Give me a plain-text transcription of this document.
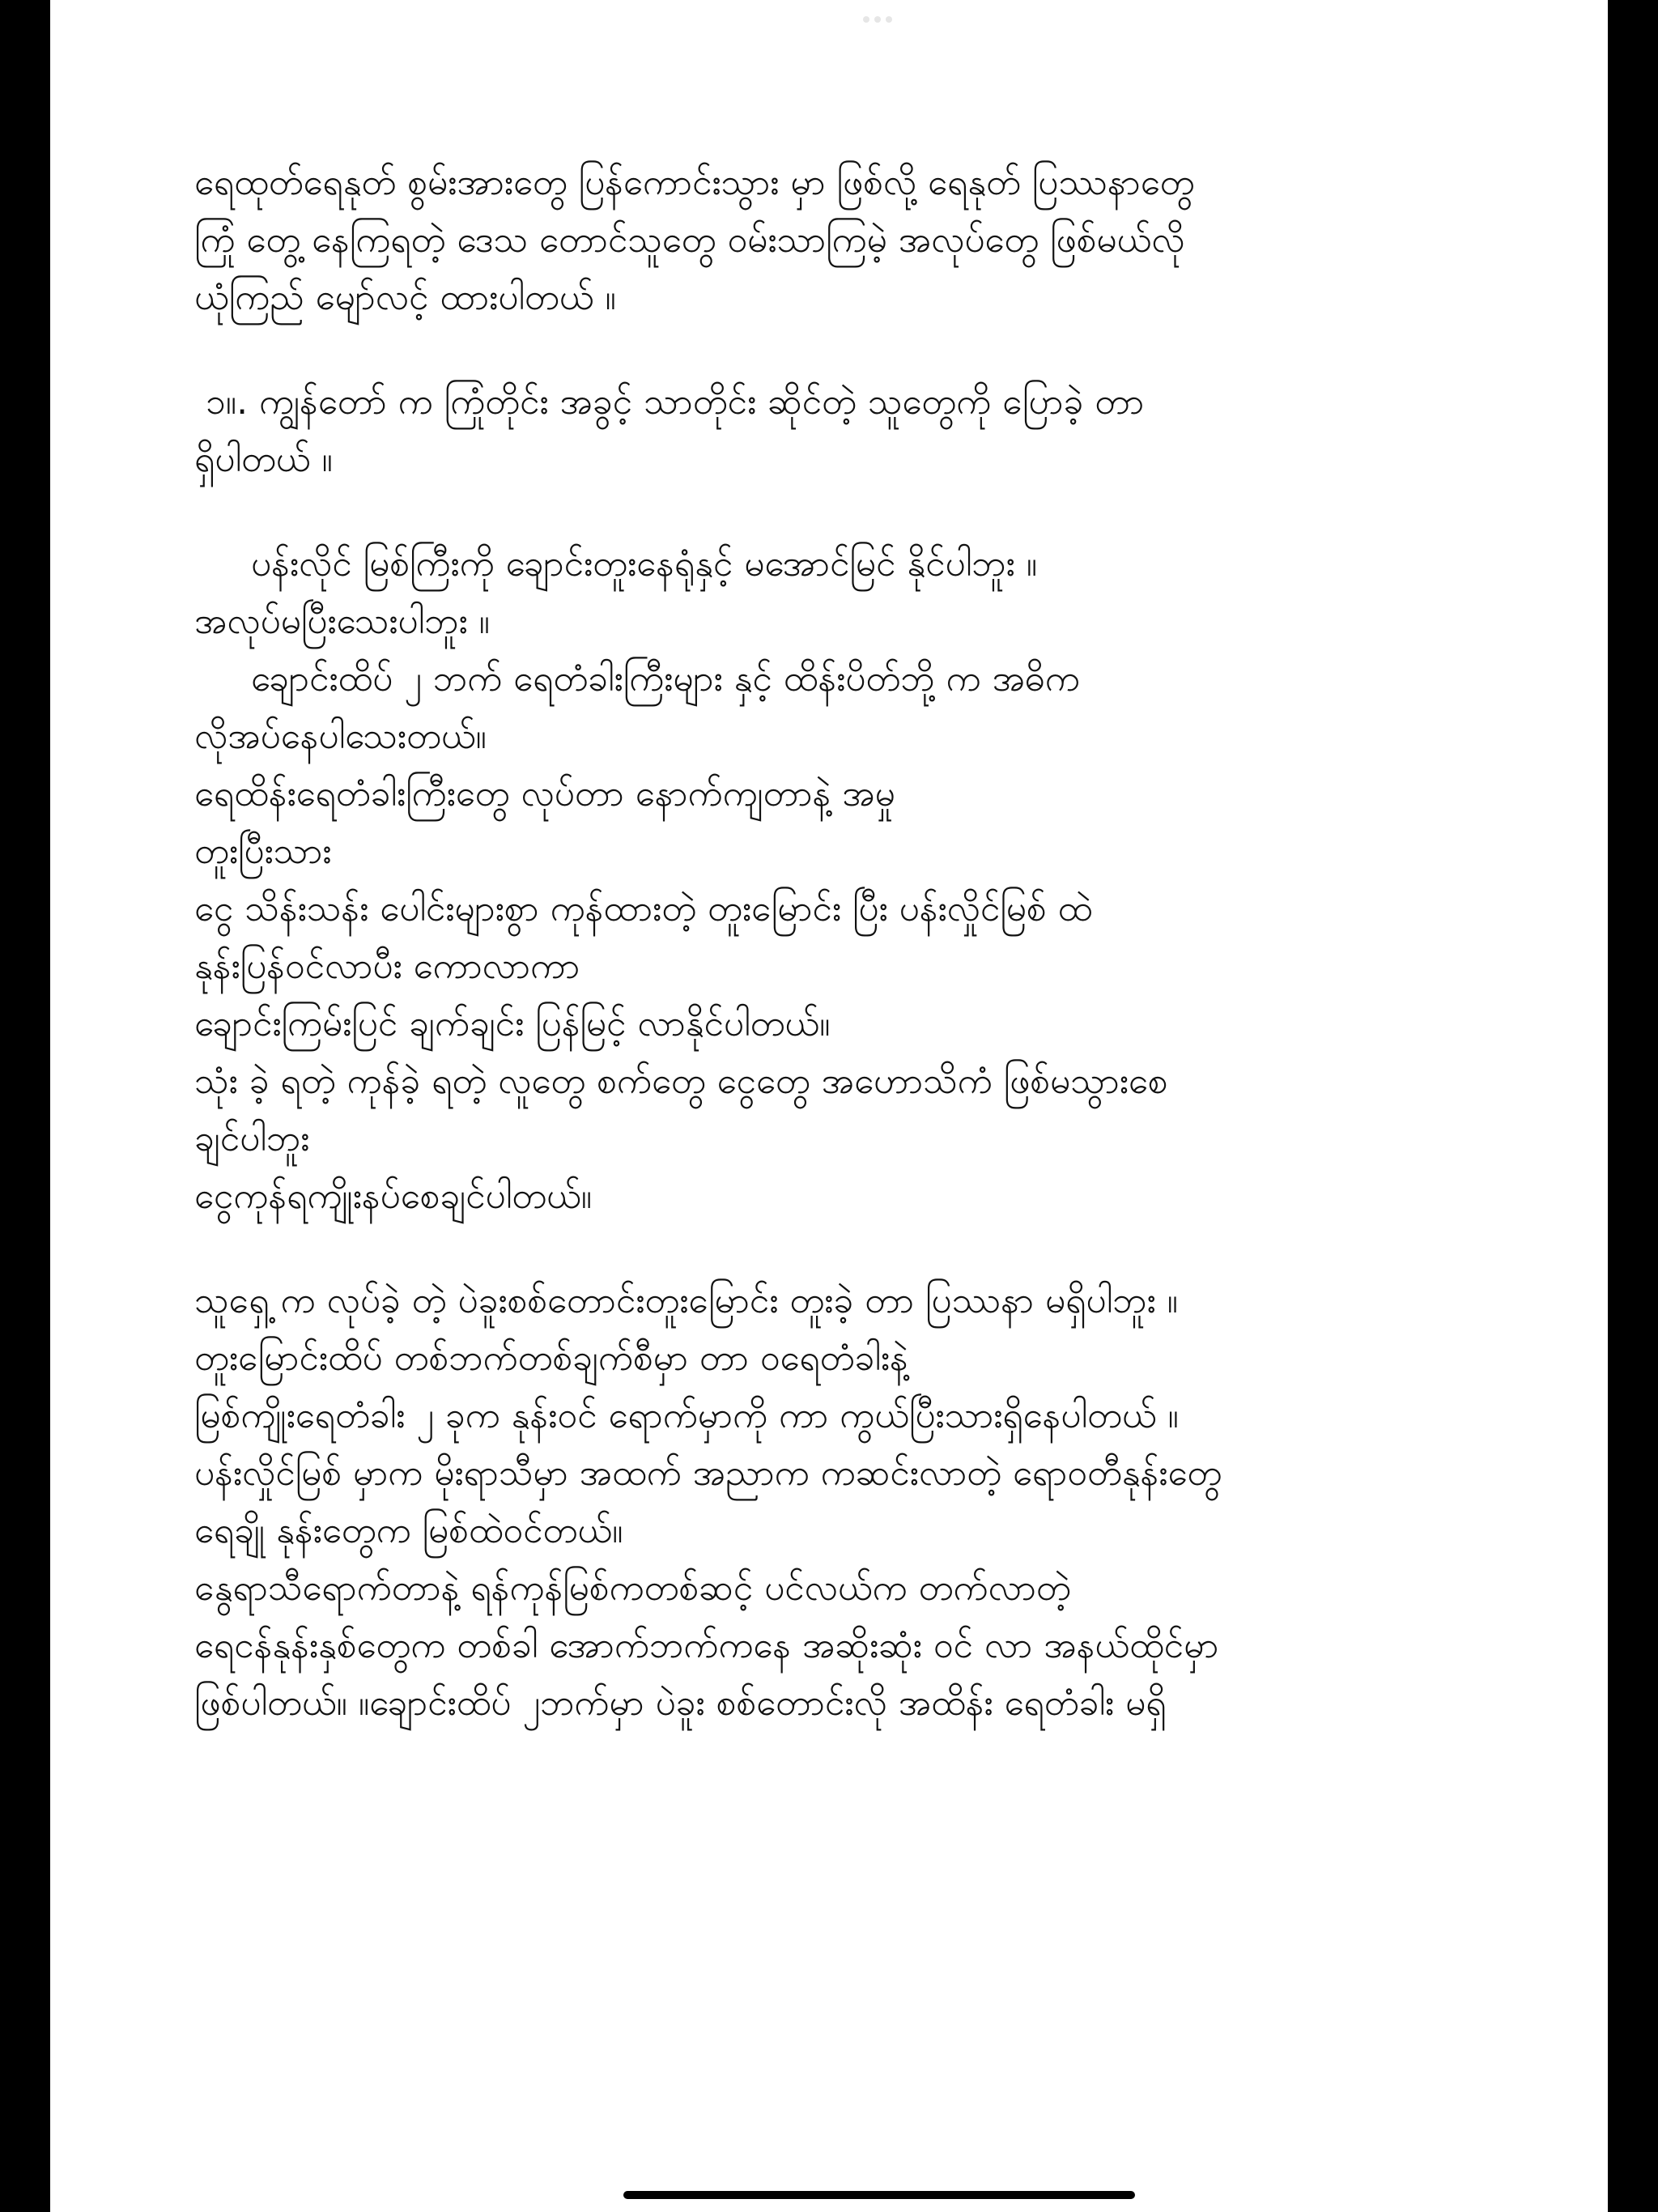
ရေထုတ်ရေနုတ် စွမ်းအားတွေ ပြန်ကောင်းသွား မှာ ဖြစ်လို့ ရေနုတ် ပြဿနာတွေ
ကြုံ တွေ့ နေကြရတဲ့ ဒေသ တောင်သူတွေ ဝမ်းသာကြမဲ့ အလုပ်တွေ ဖြစ်မယ်လို
ယုံကြည် မျော်လင့် ထားပါတယ် ။
၁။. ကျွန်တော် က ကြုံတိုင်း အခွင့် သာတိုင်း ဆိုင်တဲ့ သူတွေကို ပြောခဲ့ တာ
ရှိပါတယ် ။
ပန်းလိုင် မြစ်ကြီးကို ချောင်းတူးနေရုံနှင့် မအောင်မြင် နိုင်ပါဘူး ။
အလုပ်မပြီးသေးပါဘူး ။
ချောင်းထိပ် ၂ ဘက် ရေတံခါးကြီးများ နှင့် ထိန်းပိတ်ဘို့ က အဓိက
လိုအပ်နေပါသေးတယ်။
ရေထိန်းရေတံခါးကြီးတွေ လုပ်တာ နောက်ကျတာနဲ့ အမှု
တူးပြီးသား
ငွေ သိန်းသန်း ပေါင်းများစွာ ကုန်ထားတဲ့ တူးမြောင်း ပြီး ပန်းလှိုင်မြစ် ထဲ
နုန်းပြန်ဝင်လာပီး ကောလာကာ
ချောင်းကြမ်းပြင် ချက်ချင်း ပြန်မြင့် လာနိုင်ပါတယ်။
သုံး ခဲ့ ရတဲ့ ကုန်ခဲ့ ရတဲ့ လူတွေ စက်တွေ ငွေတွေ အဟောသိကံ ဖြစ်မသွားစေ
ချင်ပါဘူး
ငွေကုန်ရကျိုးနပ်စေချင်ပါတယ်။
သူရှေ့ က လုပ်ခဲ့ တဲ့ ပဲခူးစစ်တောင်းတူးမြောင်း တူးခဲ့ တာ ပြဿနာ မရှိပါဘူး ။
တူးမြောင်းထိပ် တစ်ဘက်တစ်ချက်စီမှာ တာ ဝရေတံခါးနဲ့
မြစ်ကျိုးရေတံခါး ၂ ခုက နုန်းဝင် ရောက်မှာကို ကာ ကွယ်ပြီးသားရှိနေပါတယ် ။
ပန်းလှိုင်မြစ် မှာက မိုးရာသီမှာ အထက် အညာက ကဆင်းလာတဲ့ ရောဝတီနုန်းတွေ
ရေချို နုန်းတွေက မြစ်ထဲဝင်တယ်။
နွေရာသီရောက်တာနဲ့ ရန်ကုန်မြစ်ကတစ်ဆင့် ပင်လယ်က တက်လာတဲ့
ရေငန်နုန်းနှစ်တွေက တစ်ခါ အောက်ဘက်ကနေ အဆိုးဆုံး ဝင် လာ အနယ်ထိုင်မှာ
ဖြစ်ပါတယ်။ ။ချောင်းထိပ် ၂ဘက်မှာ ပဲခူး စစ်တောင်းလို အထိန်း ရေတံခါး မရှိ
